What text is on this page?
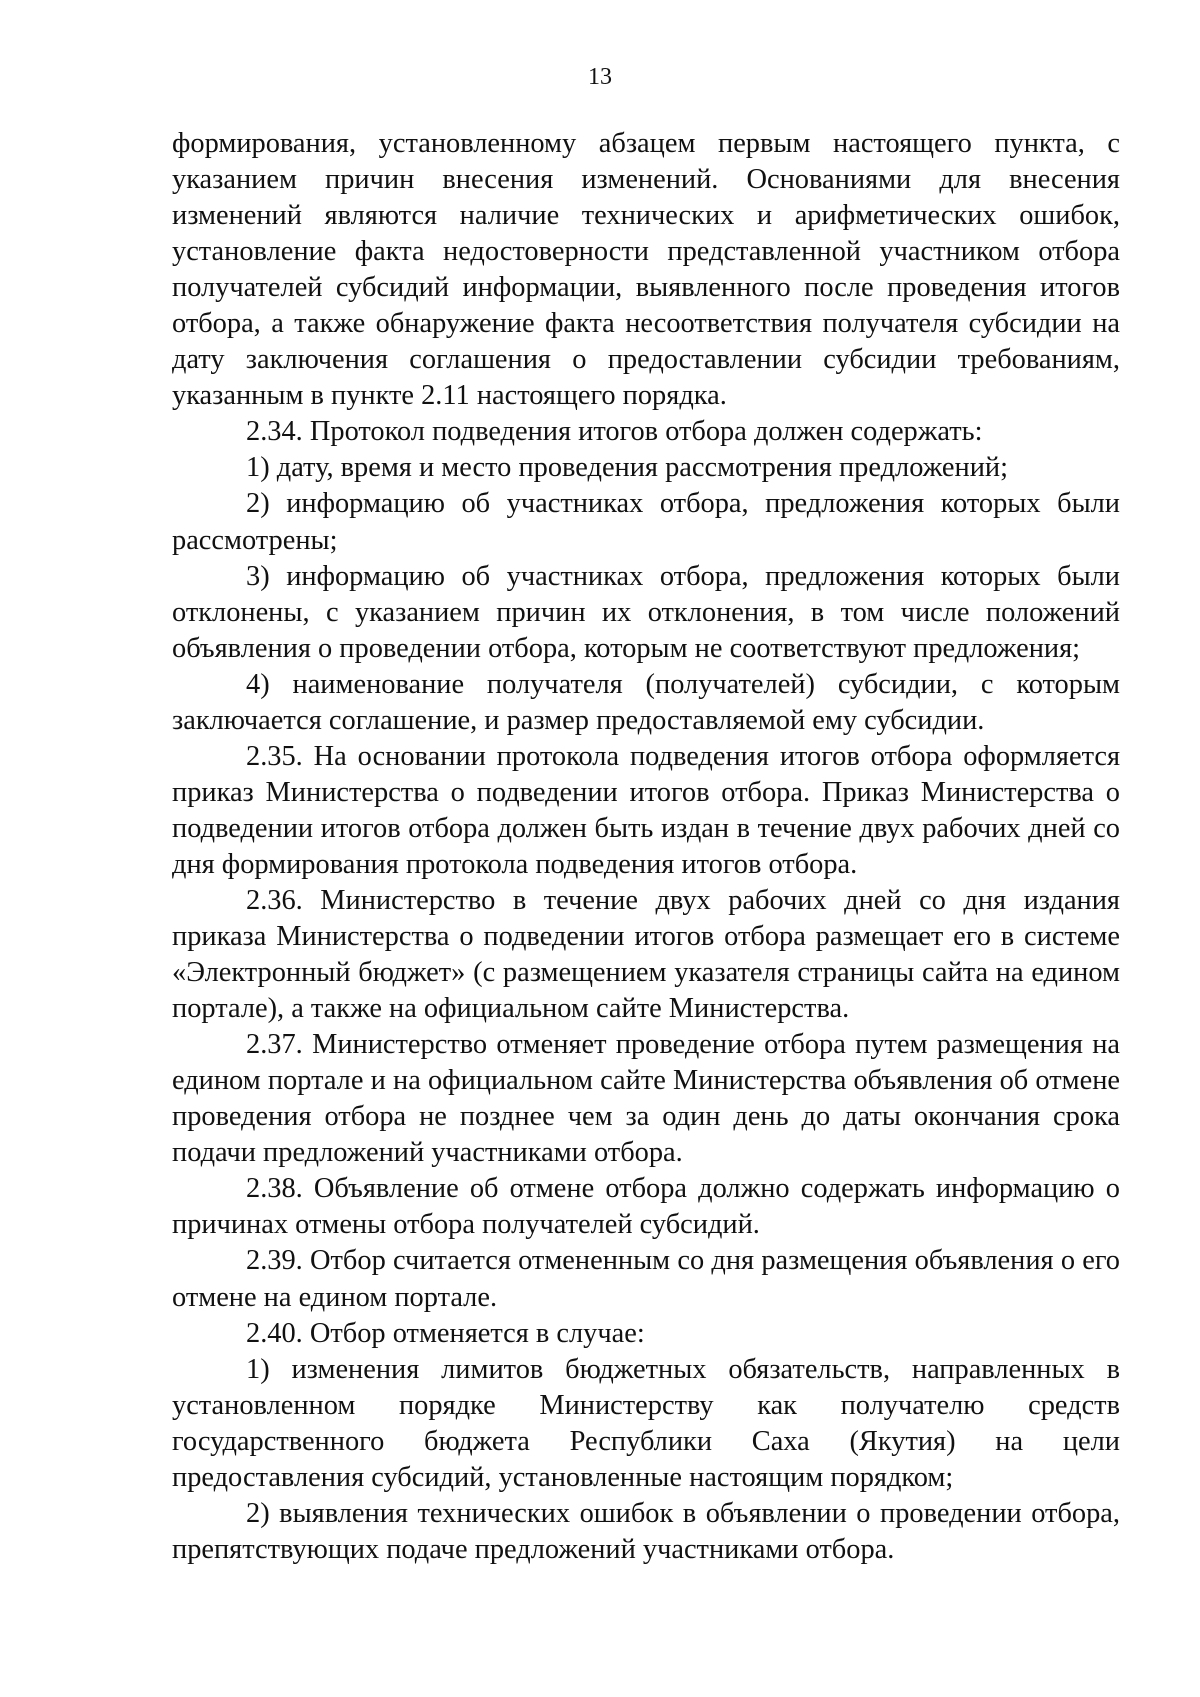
13

формирования, установленному абзацем первым настоящего пункта, с указанием причин внесения изменений. Основаниями для внесения изменений являются наличие технических и арифметических ошибок, установление факта недостоверности представленной участником отбора получателей субсидий информации, выявленного после проведения итогов отбора, а также обнаружение факта несоответствия получателя субсидии на дату заключения соглашения о предоставлении субсидии требованиям, указанным в пункте 2.11 настоящего порядка.

2.34. Протокол подведения итогов отбора должен содержать:

1) дату, время и место проведения рассмотрения предложений;

2) информацию об участниках отбора, предложения которых были рассмотрены;

3) информацию об участниках отбора, предложения которых были отклонены, с указанием причин их отклонения, в том числе положений объявления о проведении отбора, которым не соответствуют предложения;

4) наименование получателя (получателей) субсидии, с которым заключается соглашение, и размер предоставляемой ему субсидии.

2.35. На основании протокола подведения итогов отбора оформляется приказ Министерства о подведении итогов отбора. Приказ Министерства о подведении итогов отбора должен быть издан в течение двух рабочих дней со дня формирования протокола подведения итогов отбора.

2.36. Министерство в течение двух рабочих дней со дня издания приказа Министерства о подведении итогов отбора размещает его в системе «Электронный бюджет» (с размещением указателя страницы сайта на едином портале), а также на официальном сайте Министерства.

2.37. Министерство отменяет проведение отбора путем размещения на едином портале и на официальном сайте Министерства объявления об отмене проведения отбора не позднее чем за один день до даты окончания срока подачи предложений участниками отбора.

2.38. Объявление об отмене отбора должно содержать информацию о причинах отмены отбора получателей субсидий.

2.39. Отбор считается отмененным со дня размещения объявления о его отмене на едином портале.

2.40. Отбор отменяется в случае:

1) изменения лимитов бюджетных обязательств, направленных в установленном порядке Министерству как получателю средств государственного бюджета Республики Саха (Якутия) на цели предоставления субсидий, установленные настоящим порядком;

2) выявления технических ошибок в объявлении о проведении отбора, препятствующих подаче предложений участниками отбора.
